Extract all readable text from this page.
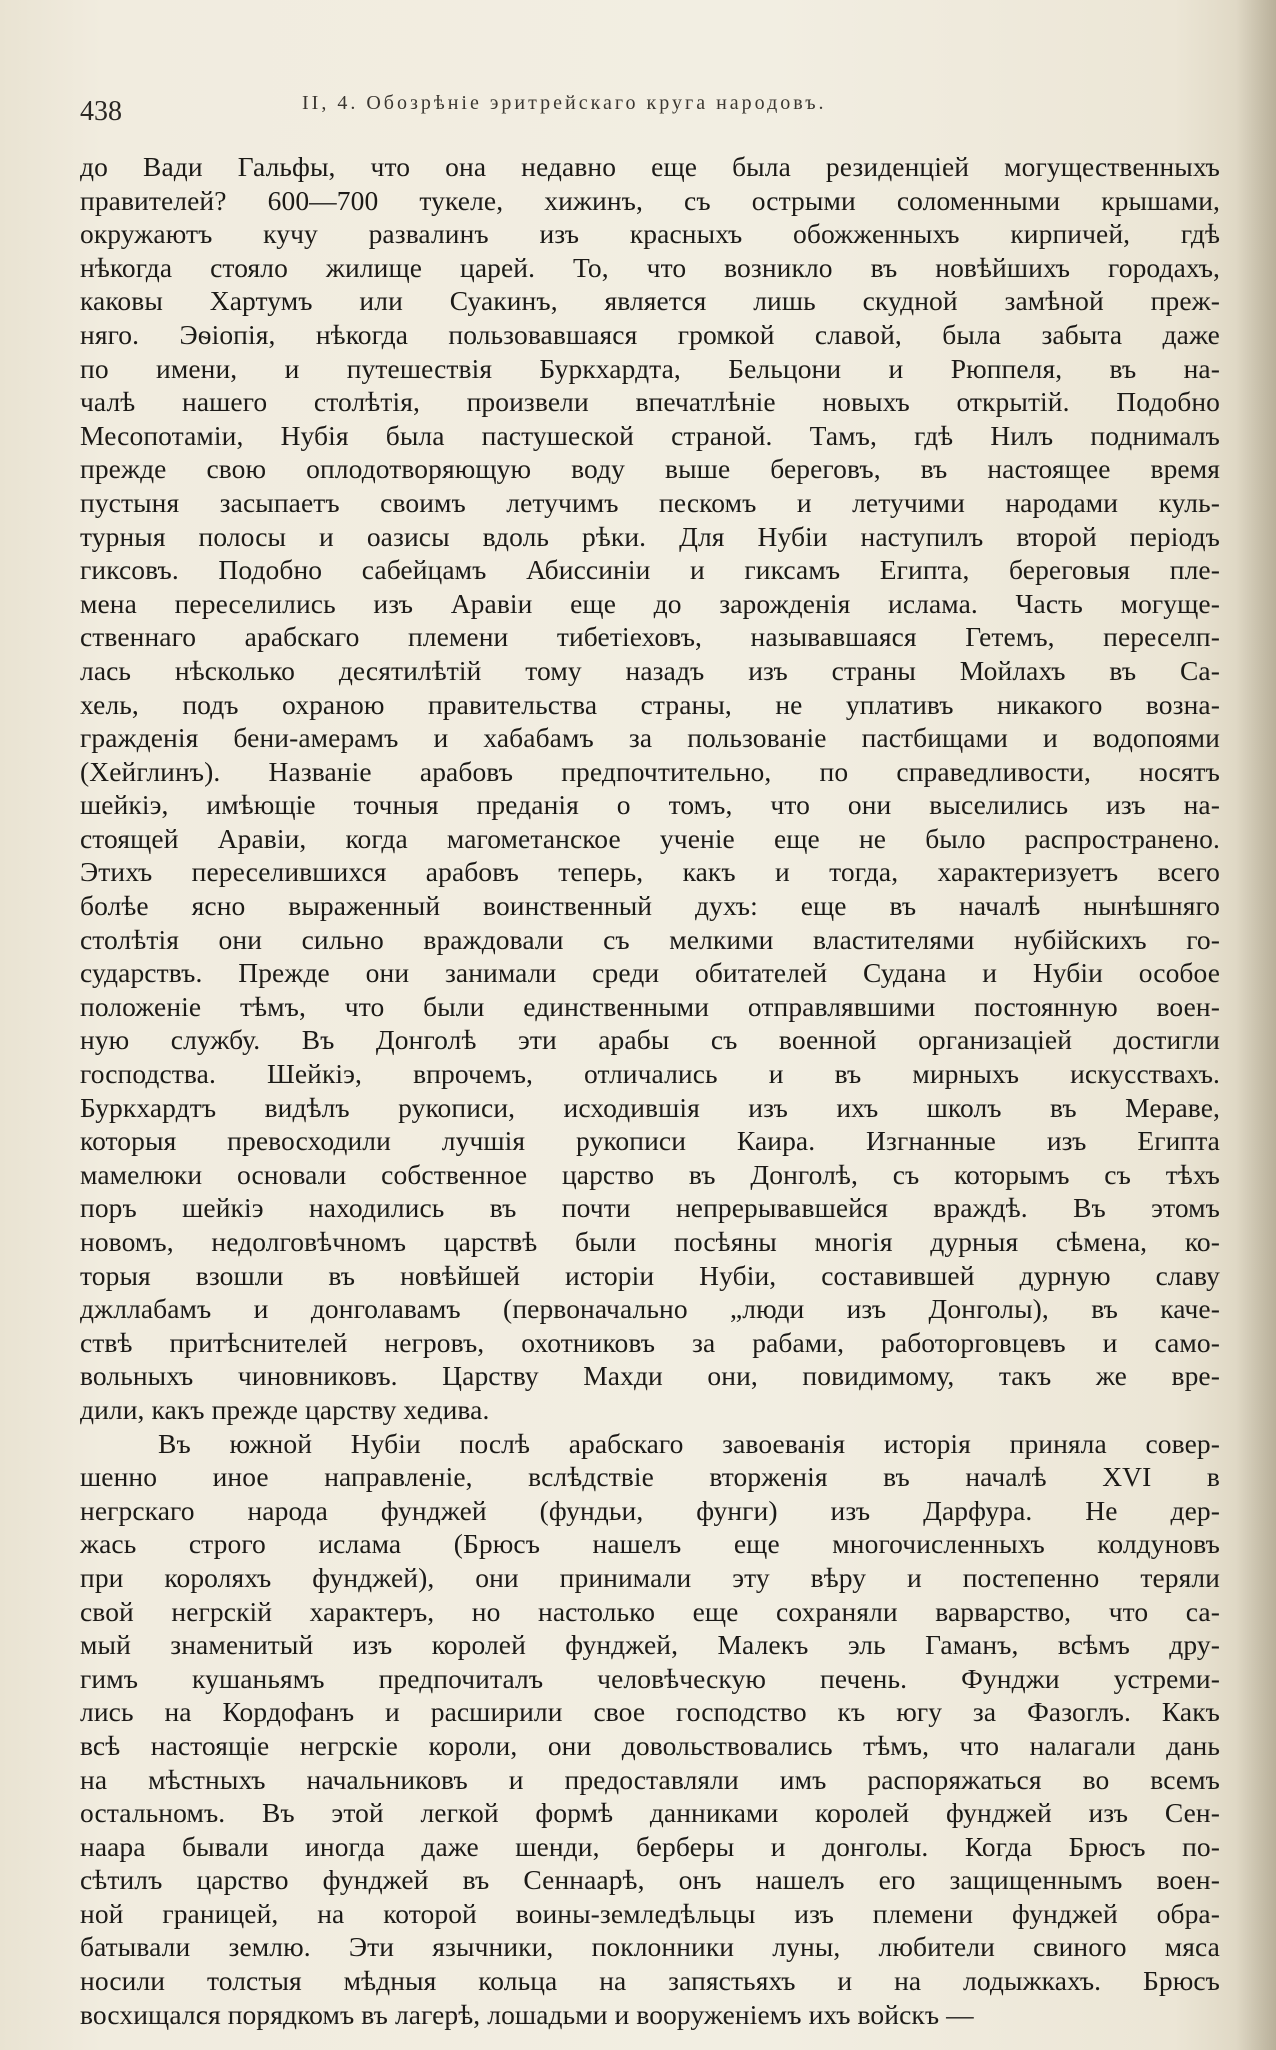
438	II, 4. Обозрѣніе эритрейскаго круга народовъ.
до Вади Гальфы, что она недавно еще была резиденціей могущественныхъ
правителей? 600—700 тукеле, хижинъ, съ острыми соломенными крышами,
окружаютъ кучу развалинъ изъ красныхъ обожженныхъ кирпичей, гдѣ
нѣкогда стояло жилище царей. То, что возникло въ новѣйшихъ городахъ,
каковы Хартумъ или Суакинъ, является лишь скудной замѣной преж-
няго. Эѳіопія, нѣкогда пользовавшаяся громкой славой, была забыта даже
по имени, и путешествія Буркхардта, Бельцони и Рюппеля, въ на-
чалѣ нашего столѣтія, произвели впечатлѣніе новыхъ открытій. Подобно
Месопотаміи, Нубія была пастушеской страной. Тамъ, гдѣ Нилъ поднималъ
прежде свою оплодотворяющую воду выше береговъ, въ настоящее время
пустыня засыпаетъ своимъ летучимъ пескомъ и летучими народами куль-
турныя полосы и оазисы вдоль рѣки. Для Нубіи наступилъ второй періодъ
гиксовъ. Подобно сабейцамъ Абиссиніи и гиксамъ Египта, береговыя пле-
мена переселились изъ Аравіи еще до зарожденія ислама. Часть могуще-
ственнаго арабскаго племени тибетіеховъ, называвшаяся Гетемъ, переселп-
лась нѣсколько десятилѣтій тому назадъ изъ страны Мойлахъ въ Са-
хель, подъ охраною правительства страны, не уплативъ никакого возна-
гражденія бени-амерамъ и хабабамъ за пользованіе пастбищами и водопоями
(Хейглинъ). Названіе арабовъ предпочтительно, по справедливости, носятъ
шейкіэ, имѣющіе точныя преданія о томъ, что они выселились изъ на-
стоящей Аравіи, когда магометанское ученіе еще не было распространено.
Этихъ переселившихся арабовъ теперь, какъ и тогда, характеризуетъ всего
болѣе ясно выраженный воинственный духъ: еще въ началѣ нынѣшняго
столѣтія они сильно враждовали съ мелкими властителями нубійскихъ го-
сударствъ. Прежде они занимали среди обитателей Судана и Нубіи особое
положеніе тѣмъ, что были единственными отправлявшими постоянную воен-
ную службу. Въ Донголѣ эти арабы съ военной организаціей достигли
господства. Шейкіэ, впрочемъ, отличались и въ мирныхъ искусствахъ.
Буркхардтъ видѣлъ рукописи, исходившія изъ ихъ школъ въ Мераве,
которыя превосходили лучшія рукописи Каира. Изгнанные изъ Египта
мамелюки основали собственное царство въ Донголѣ, съ которымъ съ тѣхъ
поръ шейкіэ находились въ почти непрерывавшейся враждѣ. Въ этомъ
новомъ, недолговѣчномъ царствѣ были посѣяны многія дурныя сѣмена, ко-
торыя взошли въ новѣйшей исторіи Нубіи, составившей дурную славу
джллабамъ и донголавамъ (первоначально „люди изъ Донголы), въ каче-
ствѣ притѣснителей негровъ, охотниковъ за рабами, работорговцевъ и само-
вольныхъ чиновниковъ. Царству Махди они, повидимому, такъ же вре-
дили, какъ прежде царству хедива.
Въ южной Нубіи послѣ арабскаго завоеванія исторія приняла совер-
шенно иное направленіе, вслѣдствіе вторженія въ началѣ XVI в
негрскаго народа фунджей (фундьи, фунги) изъ Дарфура. Не дер-
жась строго ислама (Брюсъ нашелъ еще многочисленныхъ колдуновъ
при короляхъ фунджей), они принимали эту вѣру и постепенно теряли
свой негрскій характеръ, но настолько еще сохраняли варварство, что са-
мый знаменитый изъ королей фунджей, Малекъ эль Гаманъ, всѣмъ дру-
гимъ кушаньямъ предпочиталъ человѣческую печень. Фунджи устреми-
лись на Кордофанъ и расширили свое господство къ югу за Фазоглъ. Какъ
всѣ настоящіе негрскіе короли, они довольствовались тѣмъ, что налагали дань
на мѣстныхъ начальниковъ и предоставляли имъ распоряжаться во всемъ
остальномъ. Въ этой легкой формѣ данниками королей фунджей изъ Сен-
наара бывали иногда даже шенди, берберы и донголы. Когда Брюсъ по-
сѣтилъ царство фунджей въ Сеннаарѣ, онъ нашелъ его защищеннымъ воен-
ной границей, на которой воины-земледѣльцы изъ племени фунджей обра-
батывали землю. Эти язычники, поклонники луны, любители свиного мяса
носили толстыя мѣдныя кольца на запястьяхъ и на лодыжкахъ. Брюсъ
восхищался порядкомъ въ лагерѣ, лошадьми и вооруженіемъ ихъ войскъ —
